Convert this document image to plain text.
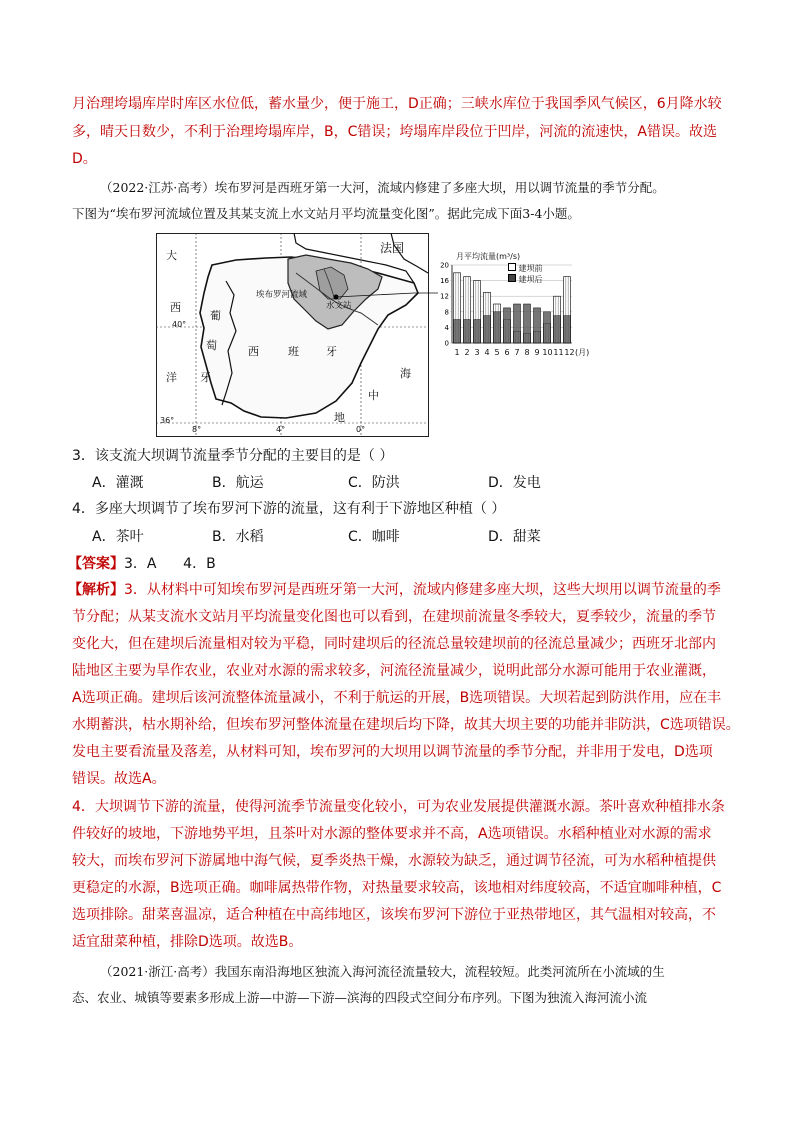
月治理垮塌库岸时库区水位低，蓄水量少，便于施工，D正确；三峡水库位于我国季风气候区，6月降水较
多，晴天日数少，不利于治理垮塌库岸，B，C错误；垮塌库岸段位于凹岸，河流的流速快，A错误。故选
D。
（2022·江苏·高考）埃布罗河是西班牙第一大河，流域内修建了多座大坝，用以调节流量的季节分配。
下图为“埃布罗河流域位置及其某支流上水文站月平均流量变化图”。据此完成下面3-4小题。
法国
大
西
洋
葡
萄
牙
西	班 牙
埃布罗河流域
水文站
海
中
地
40°
36°
8°	4°	0°
月平均流量(m³/s)
20
16
12
8
4
0
建坝前
建坝后
1 2 3 4 5 6 7 8 9 101112(月)
3．该支流大坝调节流量季节分配的主要目的是（ ）
A．灌溉	B．航运	C．防洪	D．发电
4．多座大坝调节了埃布罗河下游的流量，这有利于下游地区种植（ ）
A．茶叶	B．水稻	C．咖啡	D．甜菜
【答案】3．A      4．B
【解析】3．从材料中可知埃布罗河是西班牙第一大河，流域内修建多座大坝，这些大坝用以调节流量的季
节分配；从某支流水文站月平均流量变化图也可以看到，在建坝前流量冬季较大，夏季较少，流量的季节
变化大，但在建坝后流量相对较为平稳，同时建坝后的径流总量较建坝前的径流总量减少；西班牙北部内
陆地区主要为旱作农业，农业对水源的需求较多，河流径流量减少，说明此部分水源可能用于农业灌溉，
A选项正确。建坝后该河流整体流量减小，不利于航运的开展，B选项错误。大坝若起到防洪作用，应在丰
水期蓄洪，枯水期补给，但埃布罗河整体流量在建坝后均下降，故其大坝主要的功能并非防洪，C选项错误。
发电主要看流量及落差，从材料可知，埃布罗河的大坝用以调节流量的季节分配，并非用于发电，D选项
错误。故选A。
4．大坝调节下游的流量，使得河流季节流量变化较小，可为农业发展提供灌溉水源。茶叶喜欢种植排水条
件较好的坡地，下游地势平坦，且茶叶对水源的整体要求并不高，A选项错误。水稻种植业对水源的需求
较大，而埃布罗河下游属地中海气候，夏季炎热干燥，水源较为缺乏，通过调节径流，可为水稻种植提供
更稳定的水源，B选项正确。咖啡属热带作物，对热量要求较高，该地相对纬度较高，不适宜咖啡种植，C
选项排除。甜菜喜温凉，适合种植在中高纬地区，该埃布罗河下游位于亚热带地区，其气温相对较高，不
适宜甜菜种植，排除D选项。故选B。
（2021·浙江·高考）我国东南沿海地区独流入海河流径流量较大，流程较短。此类河流所在小流域的生
态、农业、城镇等要素多形成上游—中游—下游—滨海的四段式空间分布序列。下图为独流入海河流小流
